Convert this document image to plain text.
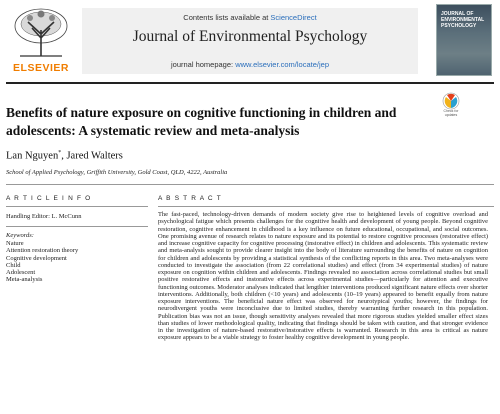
ELSEVIER
Contents lists available at ScienceDirect
Journal of Environmental Psychology
journal homepage: www.elsevier.com/locate/jep
JOURNAL OF ENVIRONMENTAL PSYCHOLOGY
Benefits of nature exposure on cognitive functioning in children and adolescents: A systematic review and meta-analysis
Check for updates
Lan Nguyen*, Jared Walters
School of Applied Psychology, Griffith University, Gold Coast, QLD, 4222, Australia
A R T I C L E I N F O	A B S T R A C T
Handling Editor: L. McCunn
Keywords:
Nature
Attention restoration theory
Cognitive development
Child
Adolescent
Meta-analysis
The fast-paced, technology-driven demands of modern society give rise to heightened levels of cognitive overload and psychological fatigue which presents challenges for the cognitive health and development of young people. Beyond cognitive restoration, cognitive enhancement in childhood is a key influence on future educational, occupational, and social outcomes. One promising avenue of research relates to nature exposure and its potential to restore cognitive processes (restorative effect) and increase cognitive capacity for cognitive processing (instorative effect) in children and adolescents. This systematic review and meta-analysis sought to provide clearer insight into the body of literature surrounding the benefits of nature on cognition for children and adolescents by providing a statistical synthesis of the conflicting reports in this area. Two meta-analyses were conducted to investigate the association (from 22 correlational studies) and effect (from 34 experimental studies) of nature exposure on cognition within children and adolescents. Findings revealed no association across correlational studies but small positive restorative effects and instorative effects across experimental studies—particularly for attention and executive functioning outcomes. Moderator analyses indicated that lengthier interventions produced significant nature effects over shorter interventions. Additionally, both children (<10 years) and adolescents (10–19 years) appeared to benefit equally from nature exposure interventions. The beneficial nature effect was observed for neurotypical youths; however, the findings for neurodivergent youths were inconclusive due to limited studies, thereby warranting further research in this population. Publication bias was not an issue, though sensitivity analyses revealed that more rigorous studies yielded smaller effect sizes than studies of lower methodological quality, indicating that findings should be taken with caution, and that stronger evidence in the investigation of nature-based restorative/instorative effects is warranted. Research in this area is critical as nature exposure appears to be a viable strategy to foster healthy cognitive development in young people.
